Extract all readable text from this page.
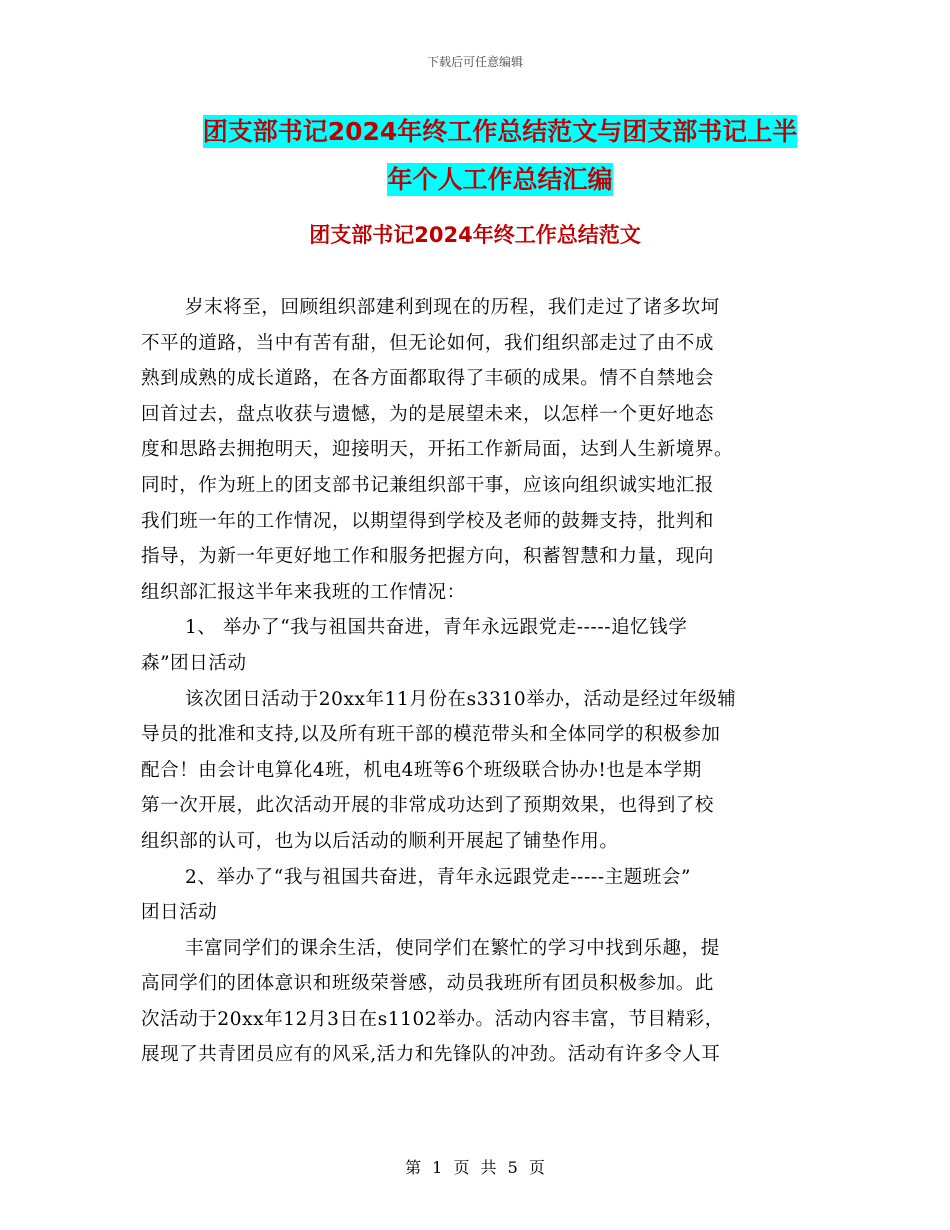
下载后可任意编辑
团支部书记2024年终工作总结范文与团支部书记上半
年个人工作总结汇编
团支部书记2024年终工作总结范文
岁末将至，回顾组织部建利到现在的历程，我们走过了诸多坎坷
不平的道路，当中有苦有甜，但无论如何，我们组织部走过了由不成
熟到成熟的成长道路，在各方面都取得了丰硕的成果。情不自禁地会
回首过去，盘点收获与遗憾，为的是展望未来，以怎样一个更好地态
度和思路去拥抱明天，迎接明天，开拓工作新局面，达到人生新境界。
同时，作为班上的团支部书记兼组织部干事，应该向组织诚实地汇报
我们班一年的工作情况，以期望得到学校及老师的鼓舞支持，批判和
指导，为新一年更好地工作和服务把握方向，积蓄智慧和力量，现向
组织部汇报这半年来我班的工作情况：
1、 举办了“我与祖国共奋进，青年永远跟党走-----追忆钱学
森”团日活动
该次团日活动于20xx年11月份在s3310举办，活动是经过年级辅
导员的批准和支持,以及所有班干部的模范带头和全体同学的积极参加
配合！由会计电算化4班，机电4班等6个班级联合协办!也是本学期
第一次开展，此次活动开展的非常成功达到了预期效果，也得到了校
组织部的认可，也为以后活动的顺利开展起了铺垫作用。
2、举办了“我与祖国共奋进，青年永远跟党走-----主题班会”
团日活动
丰富同学们的课余生活，使同学们在繁忙的学习中找到乐趣，提
高同学们的团体意识和班级荣誉感，动员我班所有团员积极参加。此
次活动于20xx年12月3日在s1102举办。活动内容丰富，节目精彩，
展现了共青团员应有的风采,活力和先锋队的冲劲。活动有许多令人耳
第 1 页 共 5 页
